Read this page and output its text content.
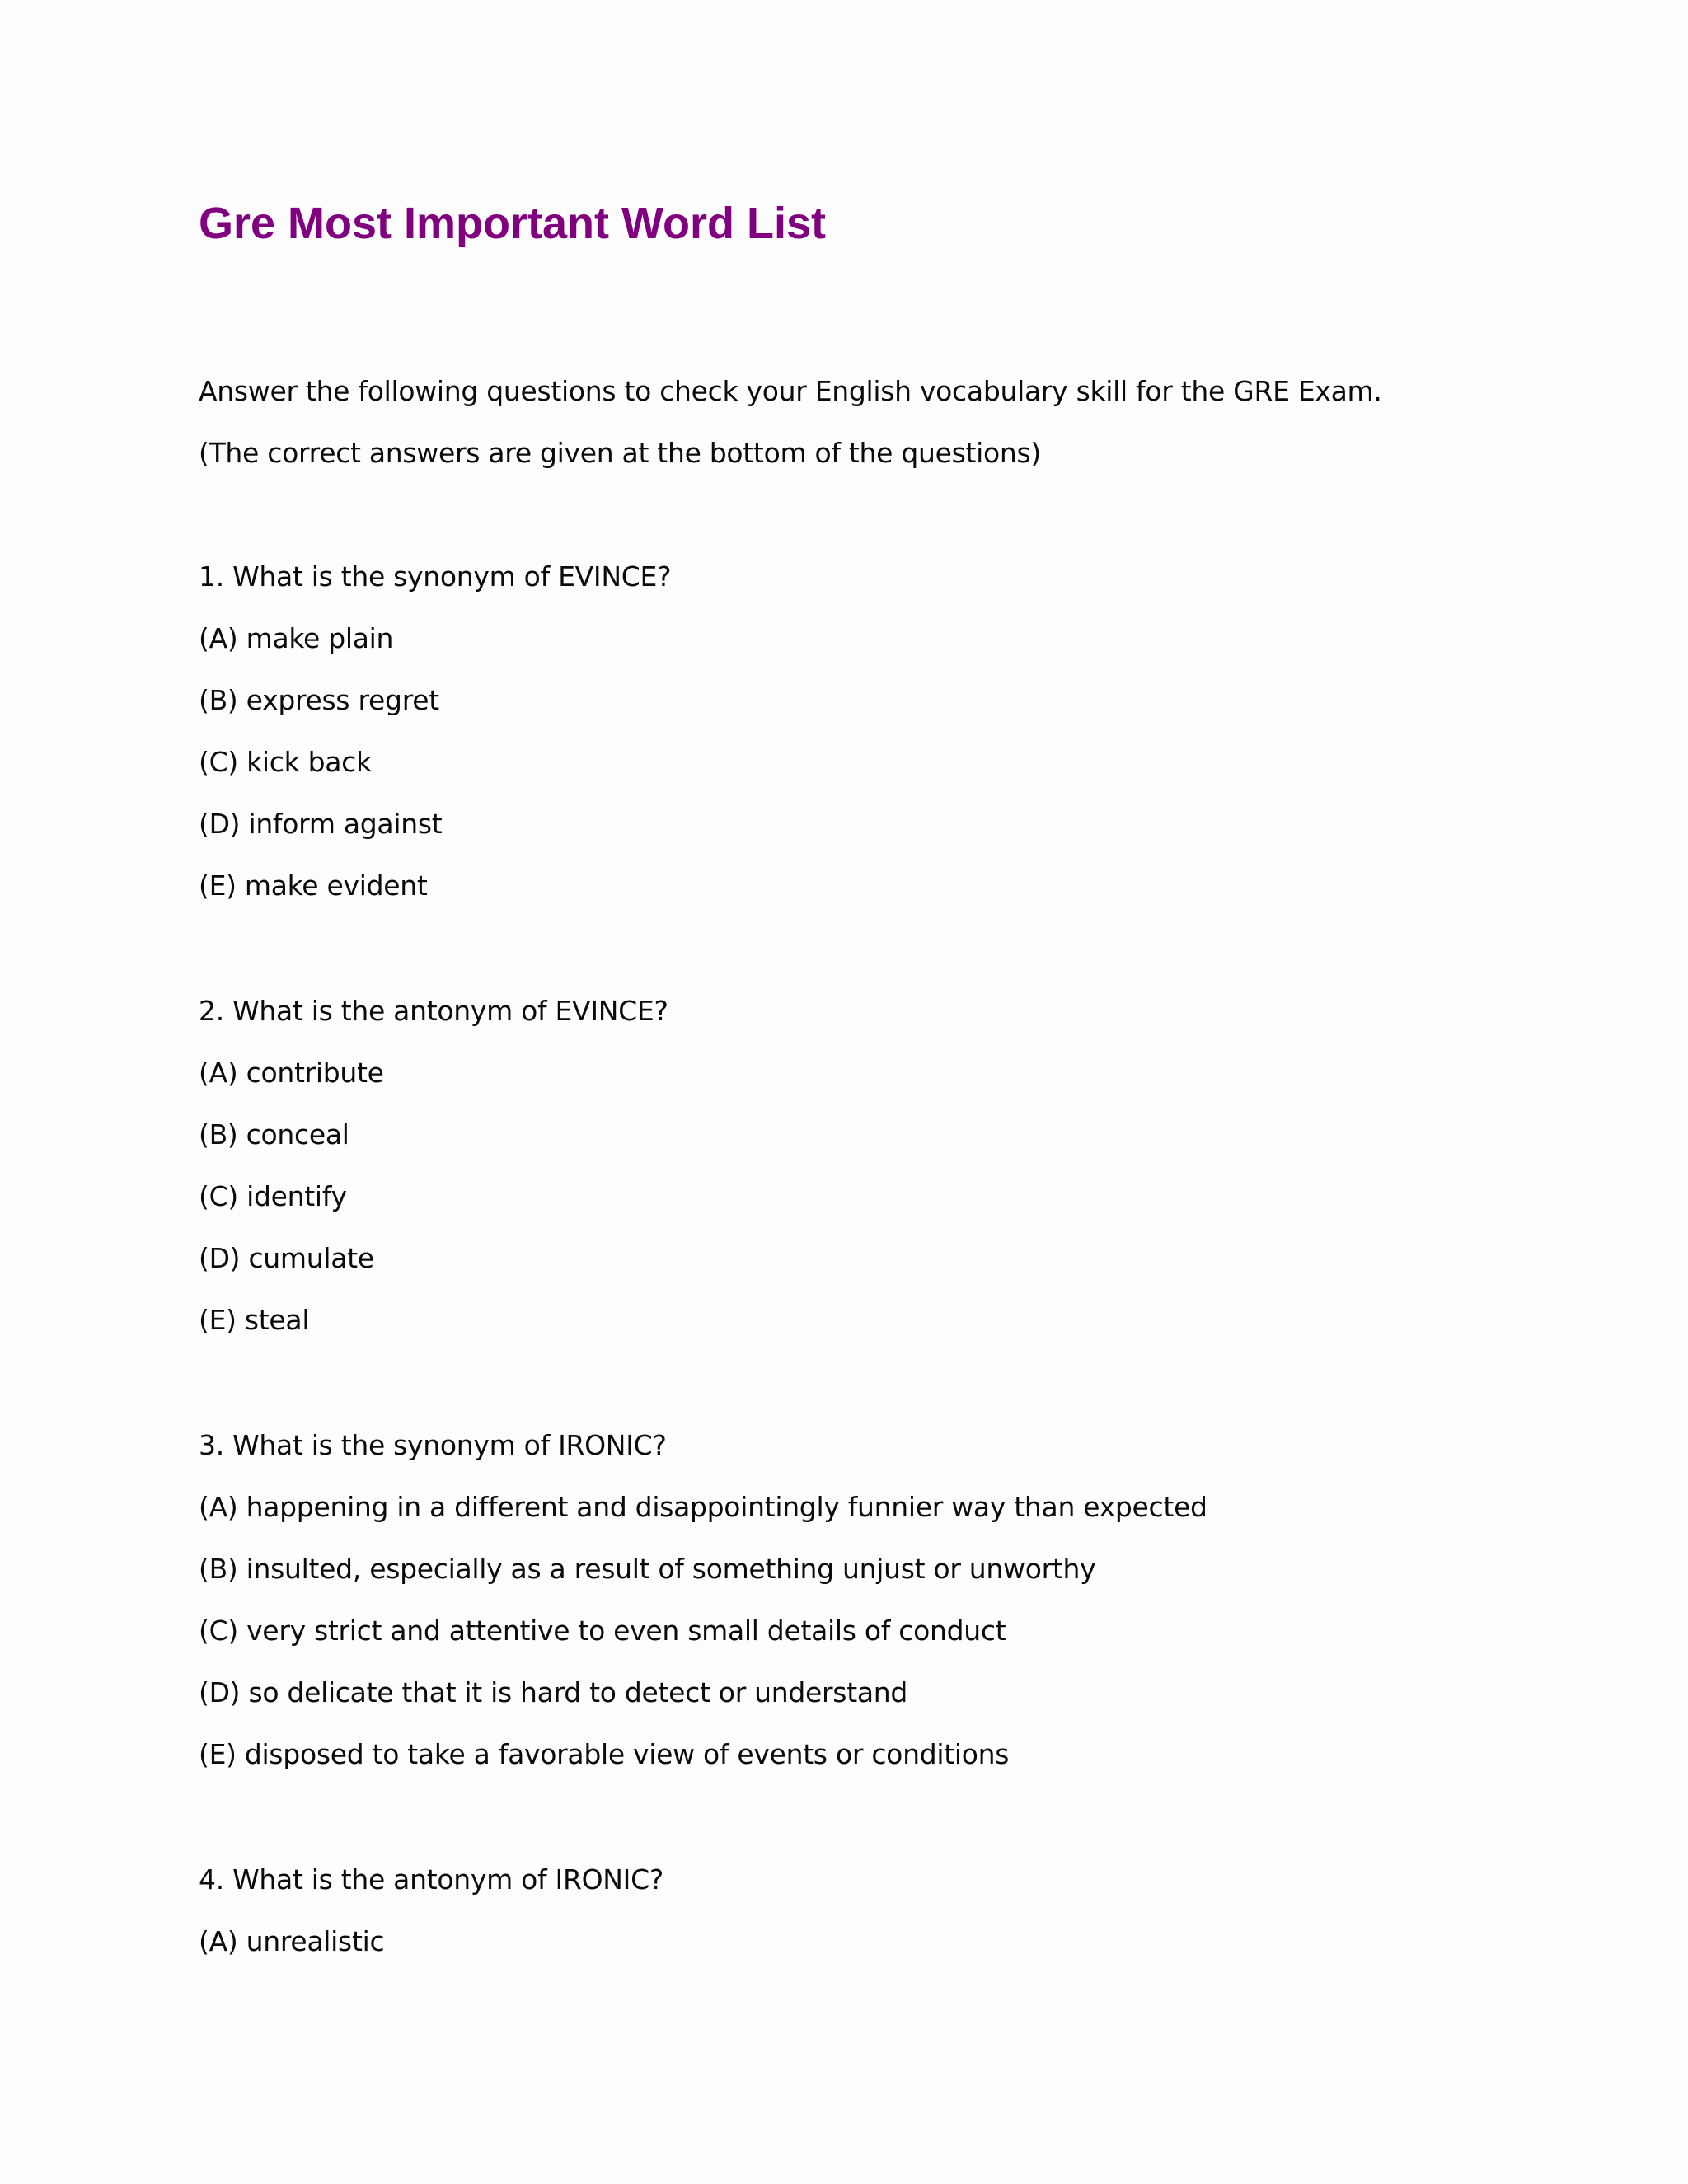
Gre Most Important Word List

Answer the following questions to check your English vocabulary skill for the GRE Exam.

(The correct answers are given at the bottom of the questions)

1. What is the synonym of EVINCE?

(A) make plain

(B) express regret

(C) kick back

(D) inform against

(E) make evident

2. What is the antonym of EVINCE?

(A) contribute

(B) conceal

(C) identify

(D) cumulate

(E) steal

3. What is the synonym of IRONIC?

(A) happening in a different and disappointingly funnier way than expected

(B) insulted, especially as a result of something unjust or unworthy

(C) very strict and attentive to even small details of conduct

(D) so delicate that it is hard to detect or understand

(E) disposed to take a favorable view of events or conditions

4. What is the antonym of IRONIC?

(A) unrealistic
